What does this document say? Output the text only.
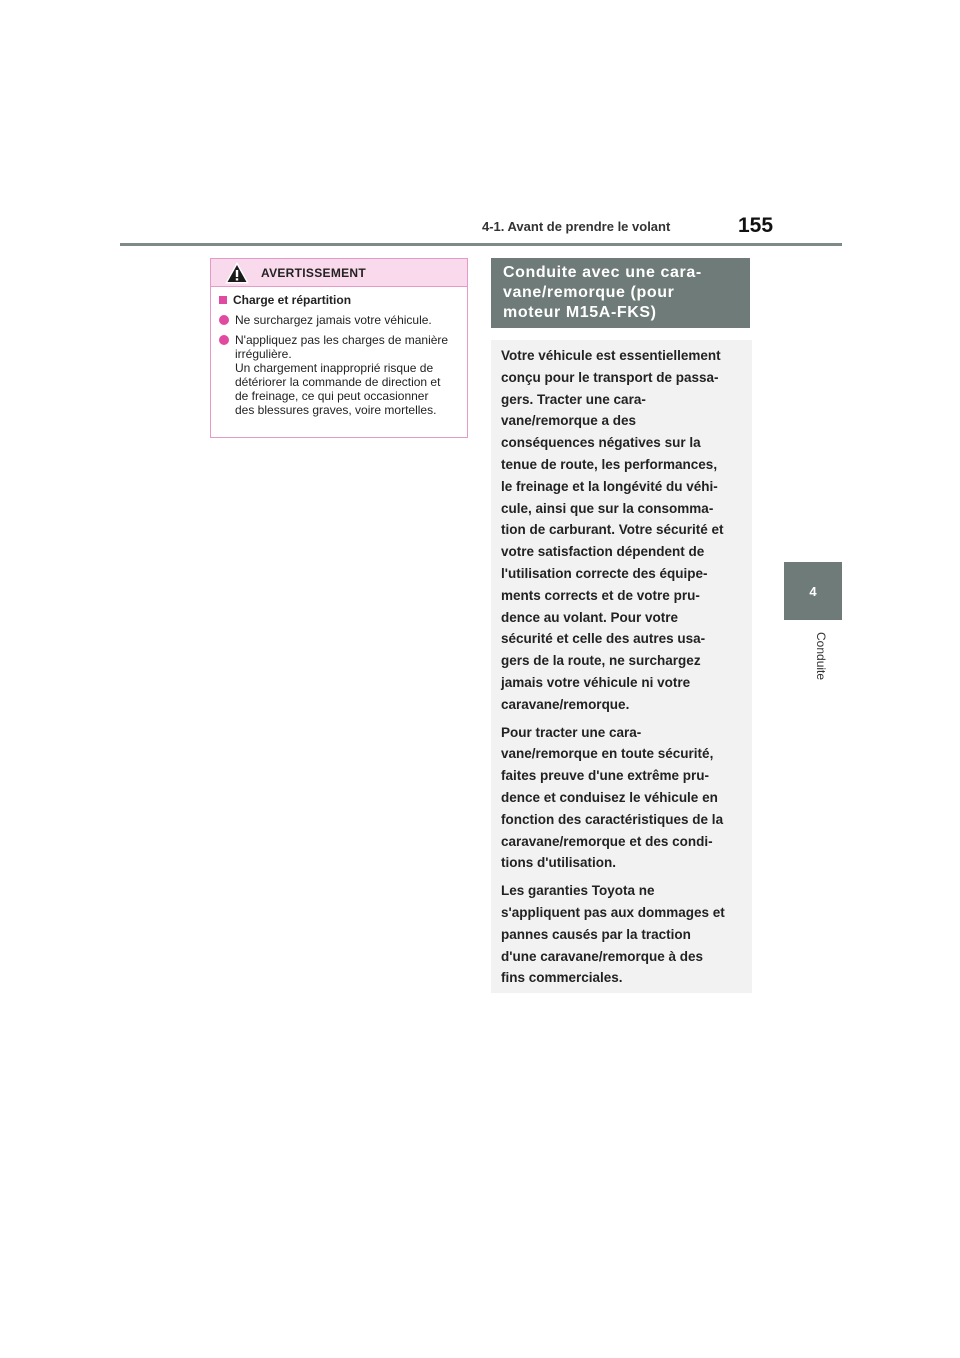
4-1. Avant de prendre le volant	155
4
Conduite
AVERTISSEMENT
Charge et répartition
Ne surchargez jamais votre véhicule.
N'appliquez pas les charges de manière
irrégulière.
Un chargement inapproprié risque de
détériorer la commande de direction et
de freinage, ce qui peut occasionner
des blessures graves, voire mortelles.
Conduite avec une cara-
vane/remorque (pour
moteur M15A-FKS)

Votre véhicule est essentiellement
conçu pour le transport de passa-
gers. Tracter une cara-
vane/remorque a des
conséquences négatives sur la
tenue de route, les performances,
le freinage et la longévité du véhi-
cule, ainsi que sur la consomma-
tion de carburant. Votre sécurité et
votre satisfaction dépendent de
l'utilisation correcte des équipe-
ments corrects et de votre pru-
dence au volant. Pour votre
sécurité et celle des autres usa-
gers de la route, ne surchargez
jamais votre véhicule ni votre
caravane/remorque.

Pour tracter une cara-
vane/remorque en toute sécurité,
faites preuve d'une extrême pru-
dence et conduisez le véhicule en
fonction des caractéristiques de la
caravane/remorque et des condi-
tions d'utilisation.

Les garanties Toyota ne
s'appliquent pas aux dommages et
pannes causés par la traction
d'une caravane/remorque à des
fins commerciales.
